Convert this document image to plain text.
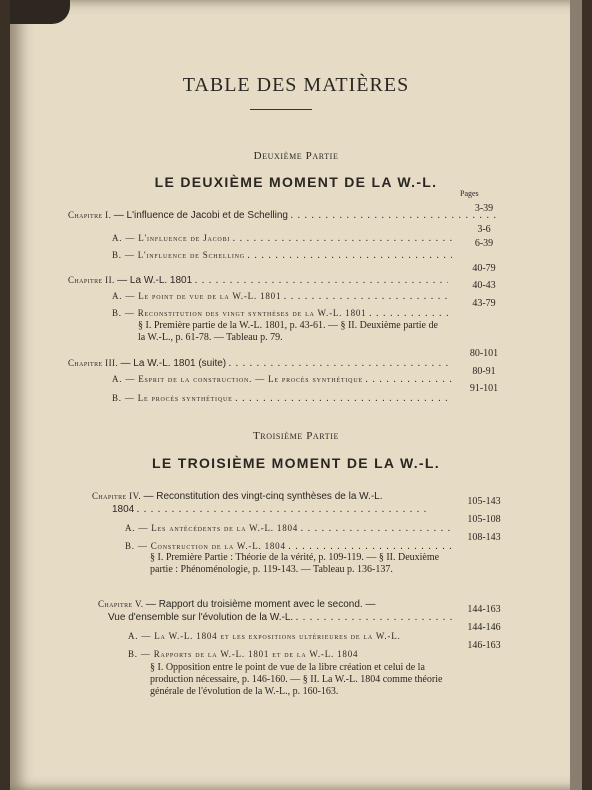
TABLE DES MATIÈRES
Deuxième Partie
LE DEUXIÈME MOMENT DE LA W.-L.
Pages
Chapitre I. — L'influence de Jacobi et de Schelling . . .
3-39
A. — L'influence de Jacobi . . .
3-6
B. — L'influence de Schelling . . .
6-39
Chapitre II. — La W.-L. 1801 . . .
40-79
A. — Le point de vue de la W.-L. 1801 . . .
40-43
B. — Reconstitution des vingt synthèses de la W.-L. 1801 . . .
43-79
§ I. Première partie de la W.-L. 1801, p. 43-61. — § II. Deuxième partie de la W.-L., p. 61-78. — Tableau p. 79.
Chapitre III. — La W.-L. 1801 (suite) . . .
80-101
A. — Esprit de la construction. — Le procès synthétique . . .
80-91
B. — Le procès synthétique . . .
91-101
Troisième Partie
LE TROISIÈME MOMENT DE LA W.-L.
Chapitre IV. — Reconstitution des vingt-cinq synthèses de la W.-L.
1804 . . .
105-143
A. — Les antécédents de la W.-L. 1804 . . .
105-108
B. — Construction de la W.-L. 1804 . . .
108-143
§ I. Première Partie : Théorie de la vérité, p. 109-119. — § II. Deuxième partie : Phénoménologie, p. 119-143. — Tableau p. 136-137.
Chapitre V. — Rapport du troisième moment avec le second. —
Vue d'ensemble sur l'évolution de la W.-L. . . .
144-163
A. — La W.-L. 1804 et les expositions ultérieures de la W.-L.
144-146
B. — Rapports de la W.-L. 1801 et de la W.-L. 1804
146-163
§ I. Opposition entre le point de vue de la libre création et celui de la production nécessaire, p. 146-160. — § II. La W.-L. 1804 comme théorie générale de l'évolution de la W.-L., p. 160-163.
